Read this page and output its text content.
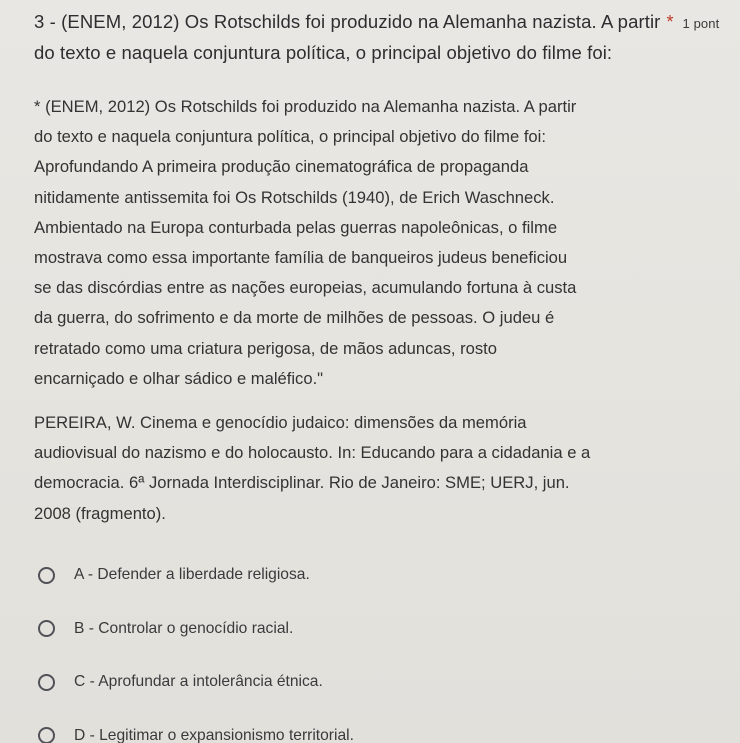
3 - (ENEM, 2012) Os Rotschilds foi produzido na Alemanha nazista. A partir * 1 pont
do texto e naquela conjuntura política, o principal objetivo do filme foi:

* (ENEM, 2012) Os Rotschilds foi produzido na Alemanha nazista. A partir

do texto e naquela conjuntura política, o principal objetivo do filme foi:

Aprofundando A primeira produção cinematográfica de propaganda

nitidamente antissemita foi Os Rotschilds (1940), de Erich Waschneck.

Ambientado na Europa conturbada pelas guerras napoleônicas, o filme

mostrava como essa importante família de banqueiros judeus beneficiou

se das discórdias entre as nações europeias, acumulando fortuna à custa

da guerra, do sofrimento e da morte de milhões de pessoas. O judeu é

retratado como uma criatura perigosa, de mãos aduncas, rosto

encarniçado e olhar sádico e maléfico."

PEREIRA, W. Cinema e genocídio judaico: dimensões da memória

audiovisual do nazismo e do holocausto. In: Educando para a cidadania e a

democracia. 6ª Jornada Interdisciplinar. Rio de Janeiro: SME; UERJ, jun.

2008 (fragmento).

A - Defender a liberdade religiosa.
B - Controlar o genocídio racial.
C - Aprofundar a intolerância étnica.
D - Legitimar o expansionismo territorial.
